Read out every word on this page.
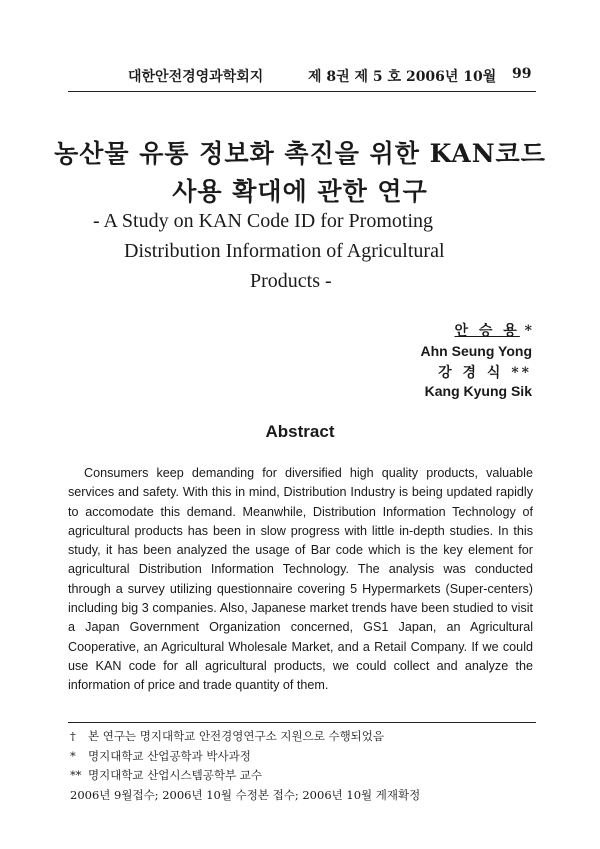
대한안전경영과학회지	제 8권 제 5 호 2006년 10월 99
농산물 유통 정보화 촉진을 위한 KAN코드
사용 확대에 관한 연구
- A Study on KAN Code ID for Promoting
Distribution Information of Agricultural
Products -
안 승 용 *
Ahn Seung Yong
강 경 식 **
Kang Kyung Sik
Abstract

Consumers keep demanding for diversified high quality products, valuable services and safety. With this in mind, Distribution Industry is being updated rapidly to accomodate this demand. Meanwhile, Distribution Information Technology of agricultural products has been in slow progress with little in-depth studies. In this study, it has been analyzed the usage of Bar code which is the key element for agricultural Distribution Information Technology. The analysis was conducted through a survey utilizing questionnaire covering 5 Hypermarkets (Super-centers) including big 3 companies. Also, Japanese market trends have been studied to visit a Japan Government Organization concerned, GS1 Japan, an Agricultural Cooperative, an Agricultural Wholesale Market, and a Retail Company. If we could use KAN code for all agricultural products, we could collect and analyze the information of price and trade quantity of them.

† 본 연구는 명지대학교 안전경영연구소 지원으로 수행되었음
* 명지대학교 산업공학과 박사과정
** 명지대학교 산업시스템공학부 교수
2006년 9월접수; 2006년 10월 수정본 접수; 2006년 10월 게재확정
